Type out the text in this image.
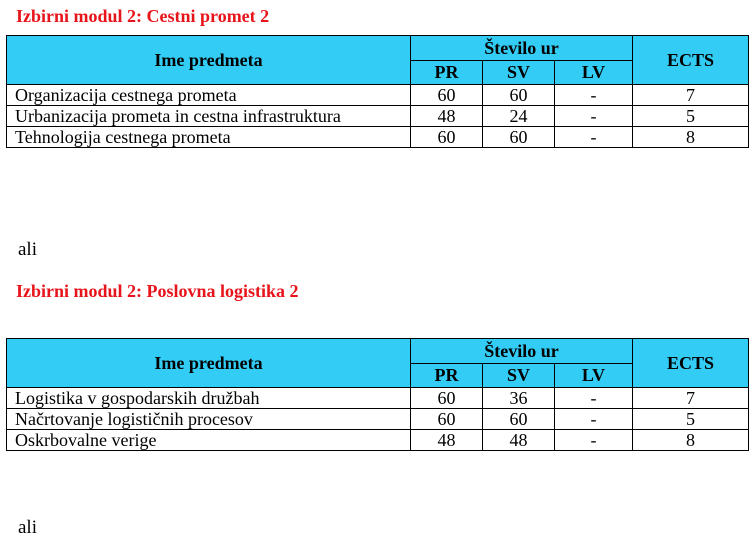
Izbirni modul 2: Cestni promet 2
Ime predmeta	Število ur			ECTS
	PR	SV	LV	
Organizacija cestnega prometa	60	60	-	7
Urbanizacija prometa in cestna infrastruktura	48	24	-	5
Tehnologija cestnega prometa	60	60	-	8
ali
Izbirni modul 2: Poslovna logistika 2
Ime predmeta	Število ur			ECTS
	PR	SV	LV	
Logistika v gospodarskih družbah	60	36	-	7
Načrtovanje logističnih procesov	60	60	-	5
Oskrbovalne verige	48	48	-	8
ali
